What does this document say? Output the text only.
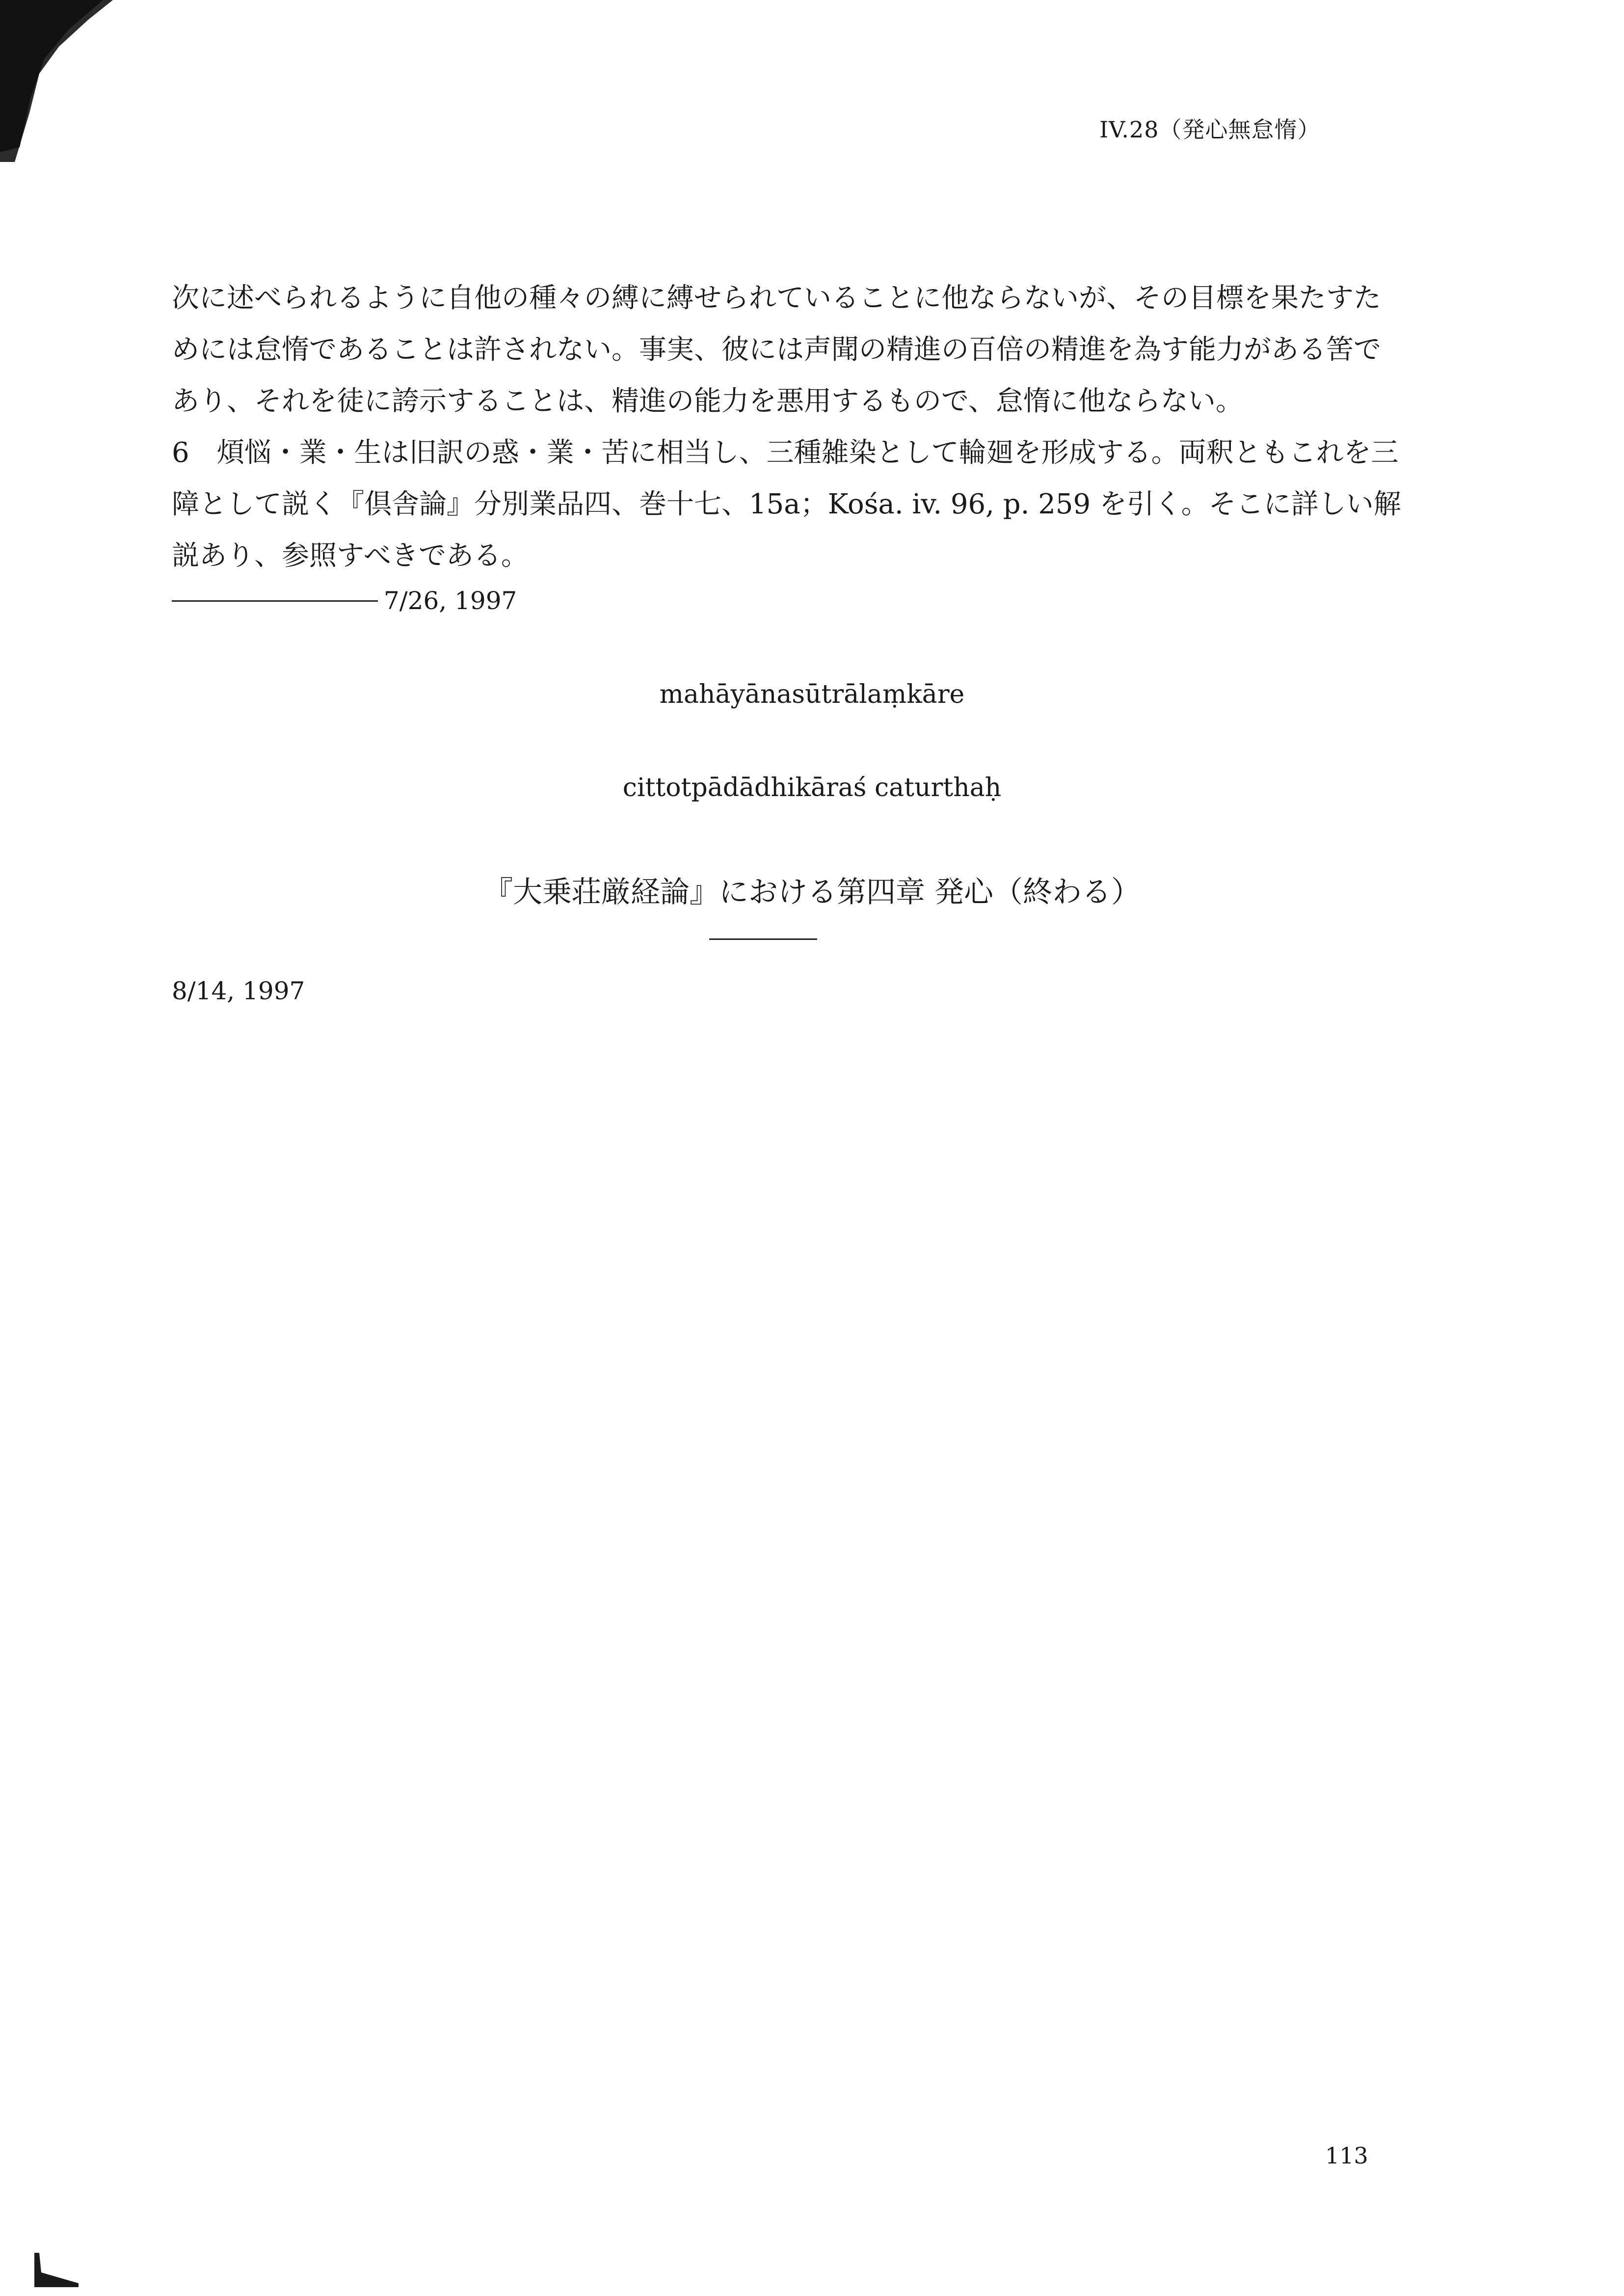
IV.28（発心無怠惰）

次に述べられるように自他の種々の縛に縛せられていることに他ならないが、その目標を果たすた

めには怠惰であることは許されない。事実、彼には声聞の精進の百倍の精進を為す能力がある筈で

あり、それを徒に誇示することは、精進の能力を悪用するもので、怠惰に他ならない。

6　煩悩・業・生は旧訳の惑・業・苦に相当し、三種雑染として輪廻を形成する。両釈ともこれを三

障として説く『倶舎論』分別業品四、巻十七、15a；Kośa. iv. 96, p. 259 を引く。そこに詳しい解

説あり、参照すべきである。

7/26, 1997
mahāyānasūtrālaṃkāre
cittotpādādhikāraś caturthaḥ
『大乗荘厳経論』における第四章 発心（終わる）
8/14, 1997
113
